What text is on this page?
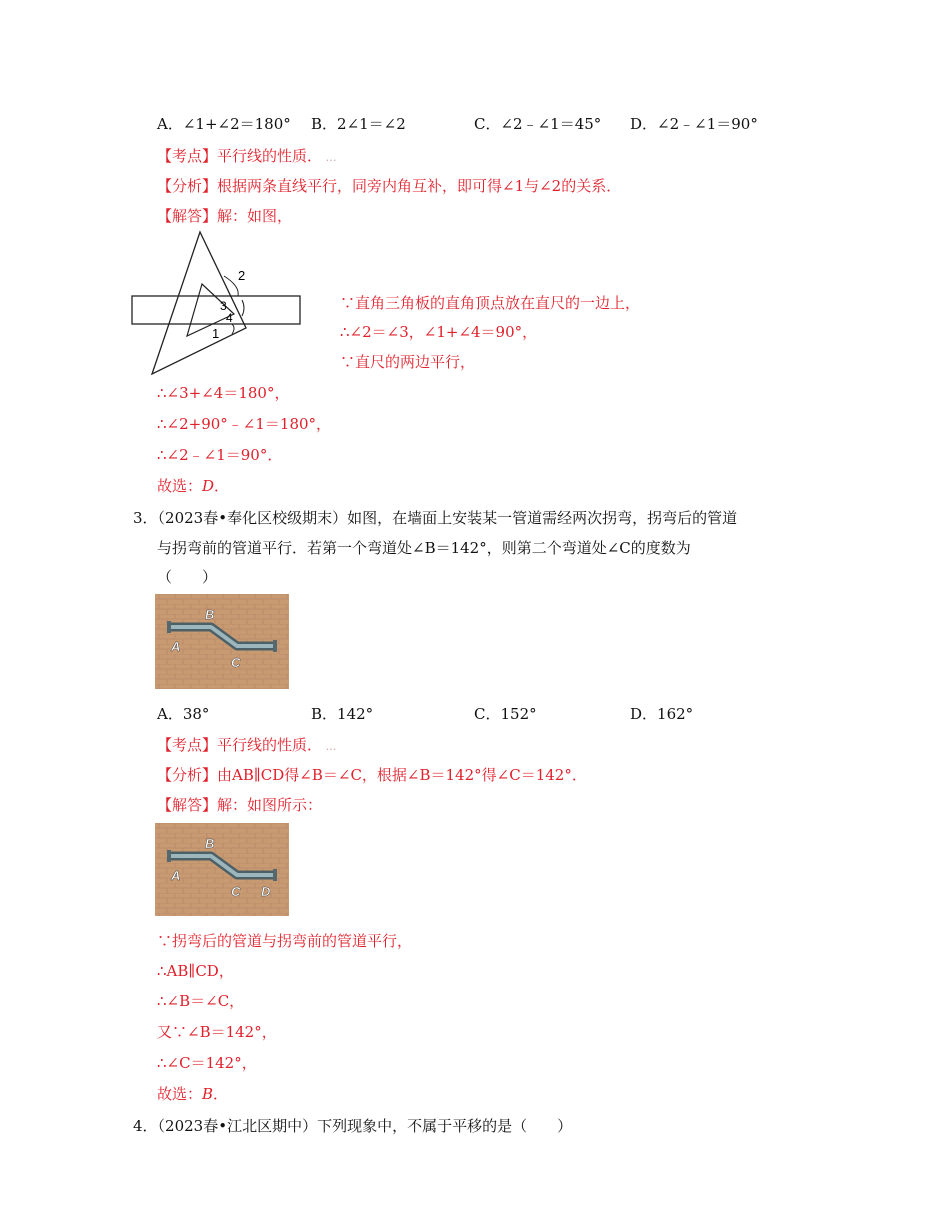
A．∠1+∠2＝180° B．2∠1＝∠2	C．∠2﹣∠1＝45° D．∠2﹣∠1＝90°
【考点】平行线的性质． …
【分析】根据两条直线平行，同旁内角互补，即可得∠1与∠2的关系．
【解答】解：如图，
2
3
4
1
∵直角三角板的直角顶点放在直尺的一边上，
∴∠2＝∠3，∠1+∠4＝90°，
∵直尺的两边平行，
∴∠3+∠4＝180°，
∴∠2+90°﹣∠1＝180°，
∴∠2﹣∠1＝90°．
故选：D．
3．（2023春•奉化区校级期末）如图，在墙面上安装某一管道需经两次拐弯，拐弯后的管道
与拐弯前的管道平行．若第一个弯道处∠B＝142°，则第二个弯道处∠C的度数为
（　　）
A
B
C
A．38°	B．142°	C．152°	D．162°
【考点】平行线的性质． …
【分析】由AB∥CD得∠B＝∠C，根据∠B＝142°得∠C＝142°．
【解答】解：如图所示：
A
B
C D
∵拐弯后的管道与拐弯前的管道平行，
∴AB∥CD，
∴∠B＝∠C，
又∵∠B＝142°，
∴∠C＝142°，
故选：B．
4．（2023春•江北区期中）下列现象中，不属于平移的是（　　）
